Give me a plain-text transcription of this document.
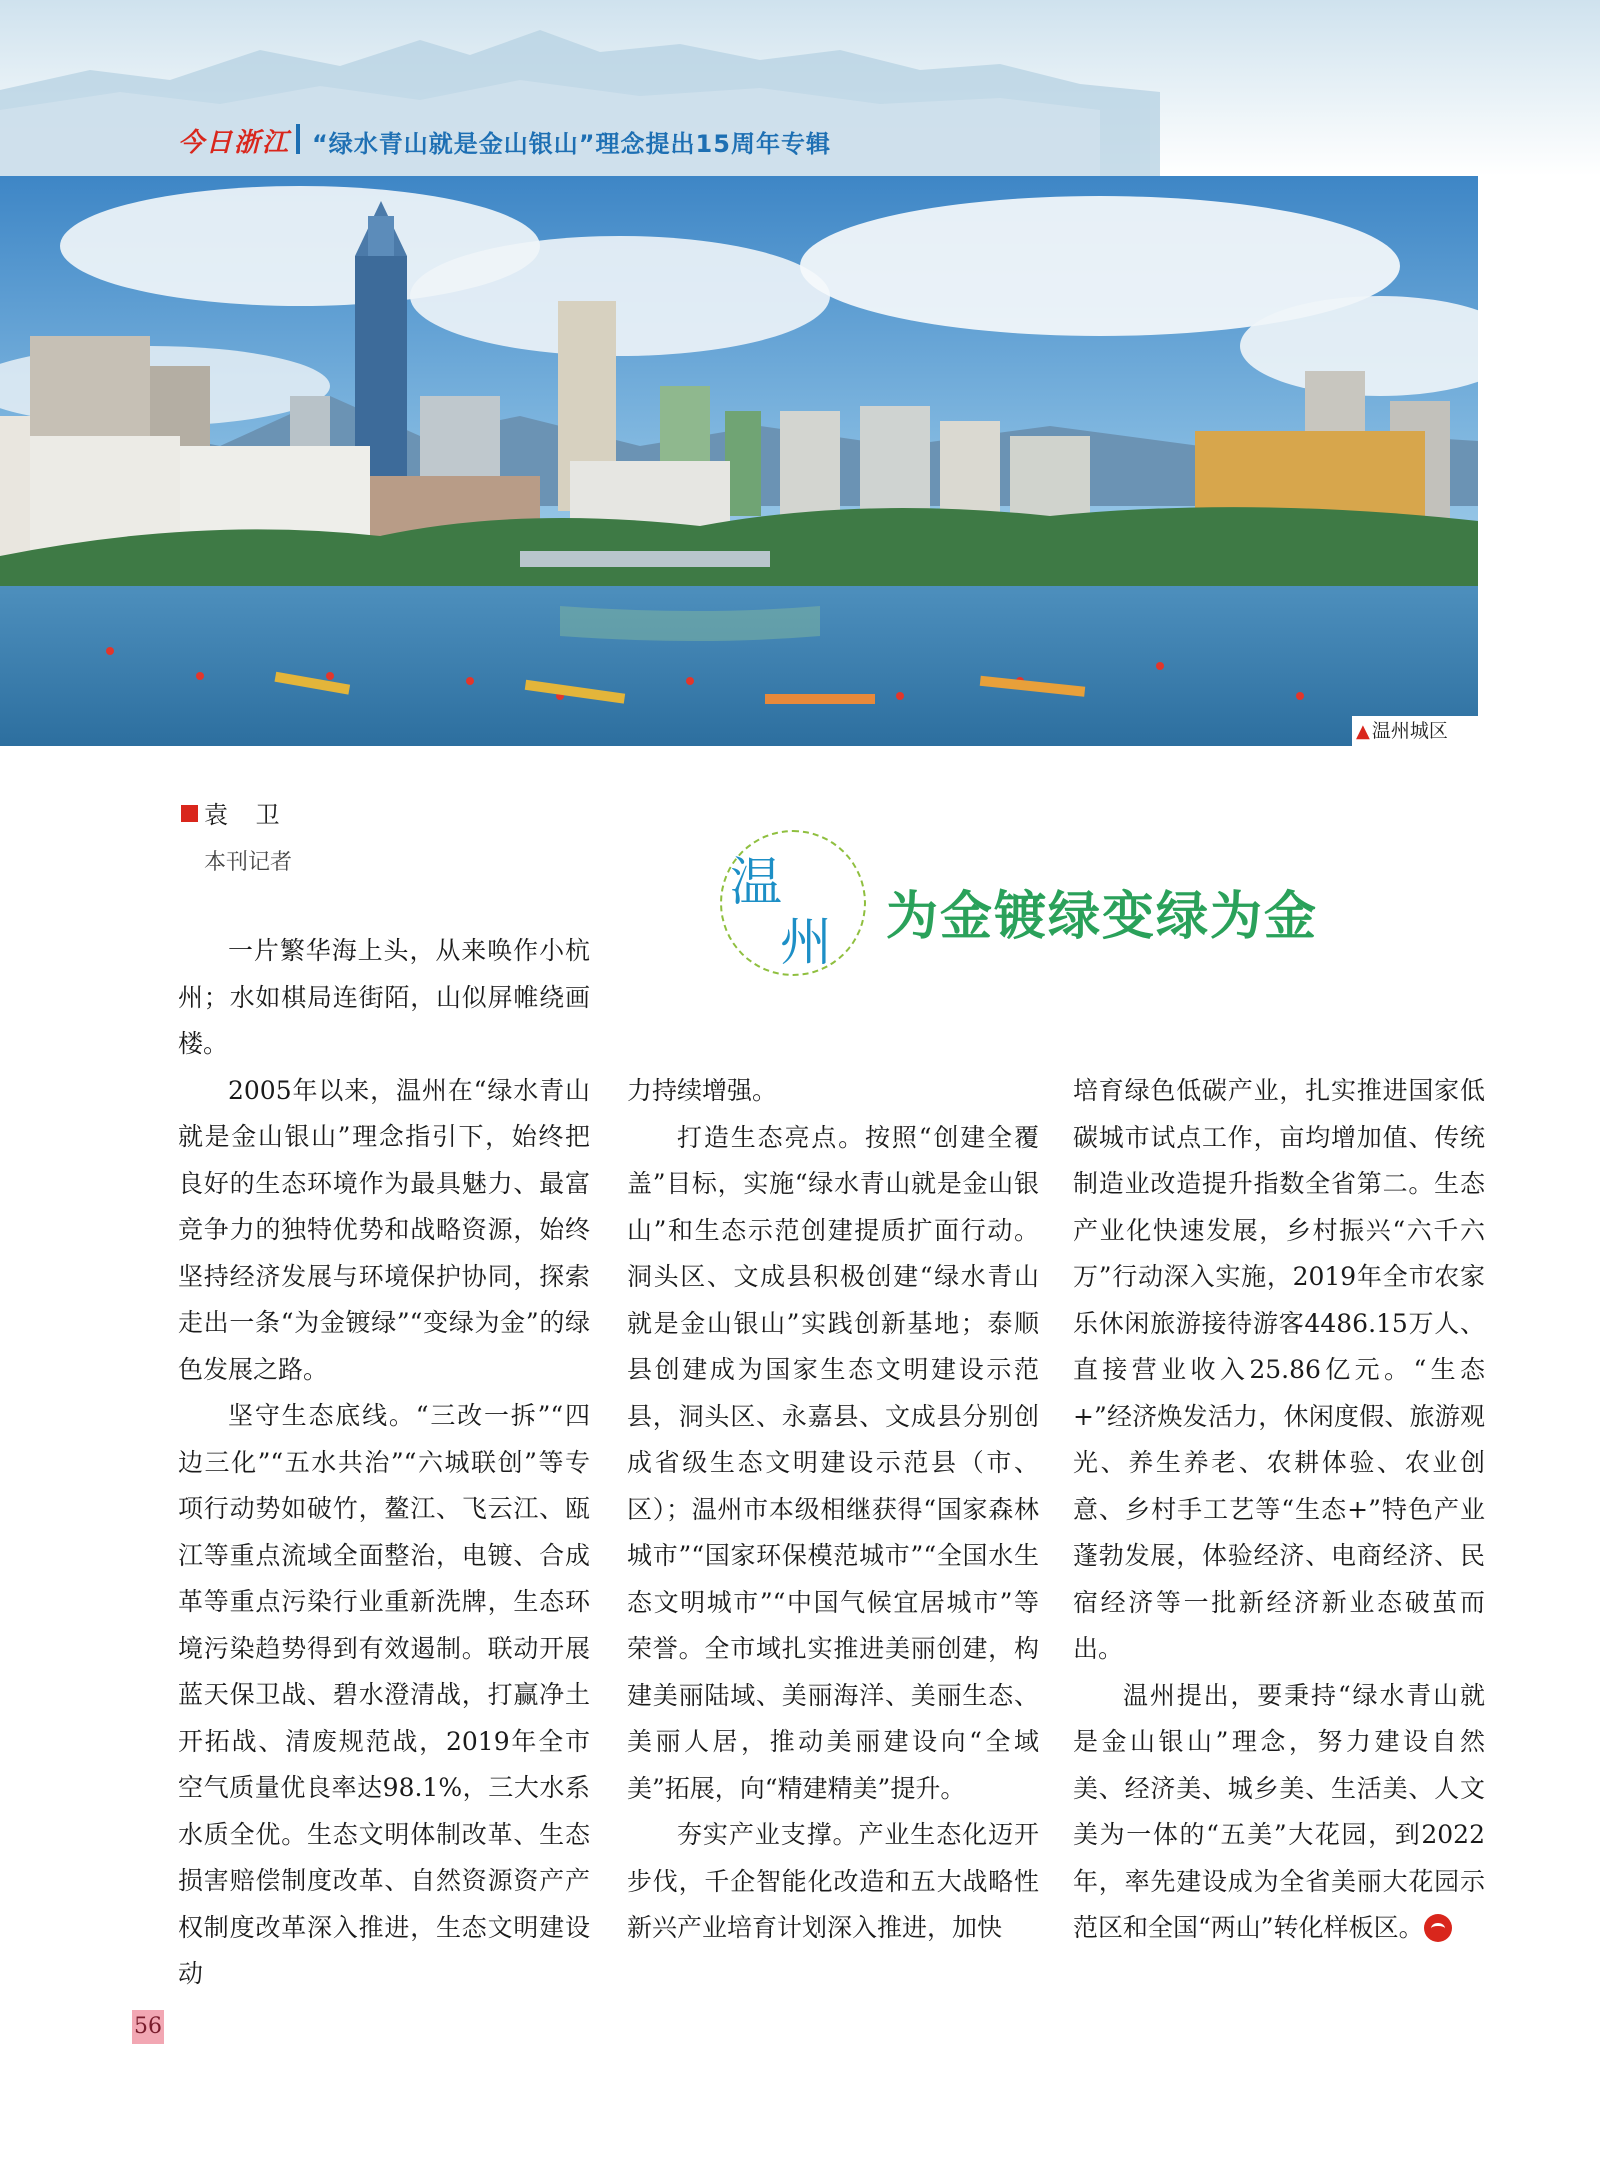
今日浙江 “绿水青山就是金山银山”理念提出15周年专辑
▲ 温州城区
袁 卫
本刊记者	温
州 为金镀绿变绿为金

一片繁华海上头，从来唤作小杭州；水如棋局连街陌，山似屏帷绕画楼。

2005年以来，温州在“绿水青山就是金山银山”理念指引下，始终把良好的生态环境作为最具魅力、最富竞争力的独特优势和战略资源，始终坚持经济发展与环境保护协同，探索走出一条“为金镀绿”“变绿为金”的绿色发展之路。

坚守生态底线。“三改一拆”“四边三化”“五水共治”“六城联创”等专项行动势如破竹，鳌江、飞云江、瓯江等重点流域全面整治，电镀、合成革等重点污染行业重新洗牌，生态环境污染趋势得到有效遏制。联动开展蓝天保卫战、碧水澄清战，打赢净土开拓战、清废规范战，2019年全市空气质量优良率达98.1%，三大水系水质全优。生态文明体制改革、生态损害赔偿制度改革、自然资源资产产权制度改革深入推进，生态文明建设动

力持续增强。

打造生态亮点。按照“创建全覆盖”目标，实施“绿水青山就是金山银山”和生态示范创建提质扩面行动。洞头区、文成县积极创建“绿水青山就是金山银山”实践创新基地；泰顺县创建成为国家生态文明建设示范县，洞头区、永嘉县、文成县分别创成省级生态文明建设示范县（市、区）；温州市本级相继获得“国家森林城市”“国家环保模范城市”“全国水生态文明城市”“中国气候宜居城市”等荣誉。全市域扎实推进美丽创建，构建美丽陆域、美丽海洋、美丽生态、美丽人居，推动美丽建设向“全域美”拓展，向“精建精美”提升。

夯实产业支撑。产业生态化迈开步伐，千企智能化改造和五大战略性新兴产业培育计划深入推进，加快

培育绿色低碳产业，扎实推进国家低碳城市试点工作，亩均增加值、传统制造业改造提升指数全省第二。生态产业化快速发展，乡村振兴“六千六万”行动深入实施，2019年全市农家乐休闲旅游接待游客4486.15万人、直接营业收入25.86亿元。“生态+”经济焕发活力，休闲度假、旅游观光、养生养老、农耕体验、农业创意、乡村手工艺等“生态+”特色产业蓬勃发展，体验经济、电商经济、民宿经济等一批新经济新业态破茧而出。

温州提出，要秉持“绿水青山就是金山银山”理念，努力建设自然美、经济美、城乡美、生活美、人文美为一体的“五美”大花园，到2022年，率先建设成为全省美丽大花园示范区和全国“两山”转化样板区。

56
